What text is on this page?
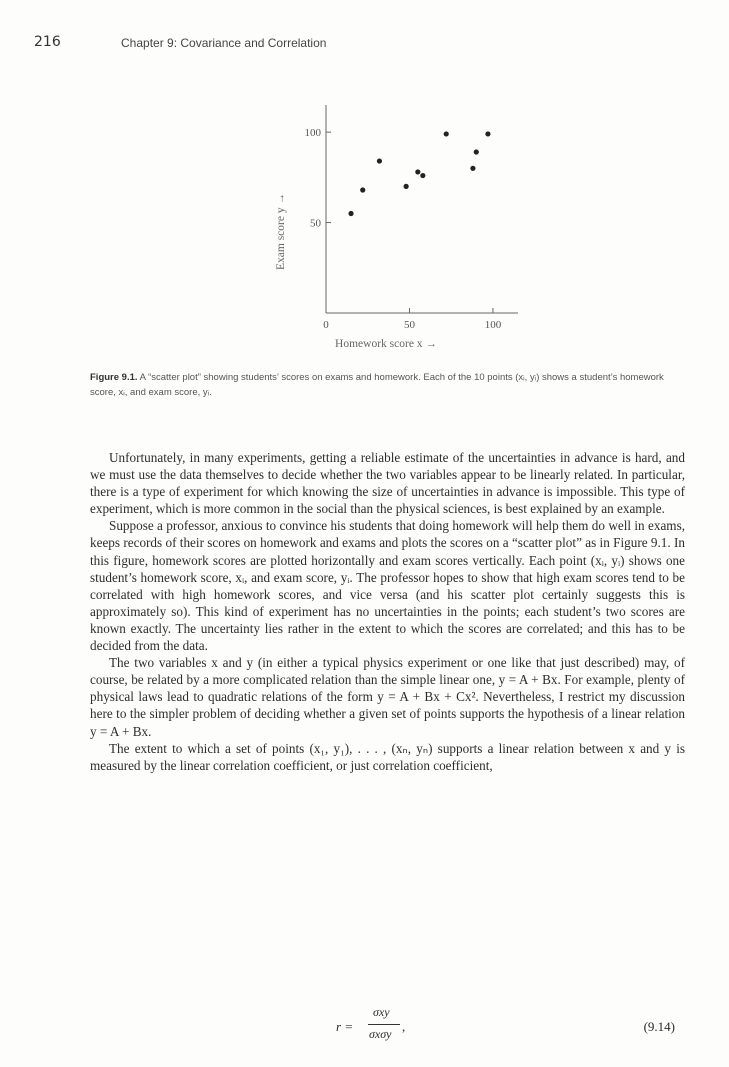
216	Chapter 9: Covariance and Correlation
0	50	100
50
100
Exam score y →
Homework score x →
Figure 9.1. A “scatter plot” showing students’ scores on exams and homework. Each of the 10 points (xᵢ, yᵢ) shows a student’s homework score, xᵢ, and exam score, yᵢ.

Unfortunately, in many experiments, getting a reliable estimate of the uncertainties in advance is hard, and we must use the data themselves to decide whether the two variables appear to be linearly related. In particular, there is a type of experiment for which knowing the size of uncertainties in advance is impossible. This type of experiment, which is more common in the social than the physical sciences, is best explained by an example.

Suppose a professor, anxious to convince his students that doing homework will help them do well in exams, keeps records of their scores on homework and exams and plots the scores on a “scatter plot” as in Figure 9.1. In this figure, homework scores are plotted horizontally and exam scores vertically. Each point (xᵢ, yᵢ) shows one student’s homework score, xᵢ, and exam score, yᵢ. The professor hopes to show that high exam scores tend to be correlated with high homework scores, and vice versa (and his scatter plot certainly suggests this is approximately so). This kind of experiment has no uncertainties in the points; each student’s two scores are known exactly. The uncertainty lies rather in the extent to which the scores are correlated; and this has to be decided from the data.

The two variables x and y (in either a typical physics experiment or one like that just described) may, of course, be related by a more complicated relation than the simple linear one, y = A + Bx. For example, plenty of physical laws lead to quadratic relations of the form y = A + Bx + Cx². Nevertheless, I restrict my discussion here to the simpler problem of deciding whether a given set of points supports the hypothesis of a linear relation y = A + Bx.

The extent to which a set of points (x₁, y₁), . . . , (xₙ, yₙ) supports a linear relation between x and y is measured by the linear correlation coefficient, or just correlation coefficient,

r =
σxy
σxσy ,	(9.14)
